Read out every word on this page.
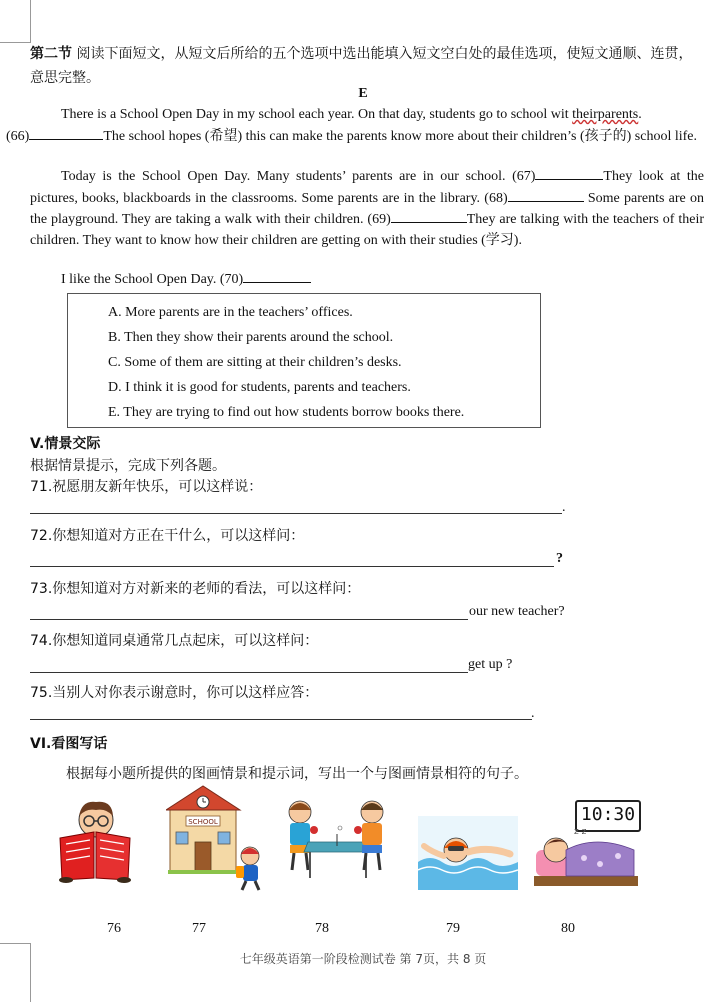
第二节 阅读下面短文，从短文后所给的五个选项中选出能填入短文空白处的最佳选项，使短文通顺、连贯，意思完整。
E
There is a School Open Day in my school each year. On that day, students go to school wit theirparents.
(66)	The school hopes (希望) this can make the parents know more about their children’s (孩子的) school life.
Today is the School Open Day. Many students’ parents are in our school. (67)	They look at the pictures, books, blackboards in the classrooms. Some parents are in the library. (68)	Some parents are on the playground. They are taking a walk with their children. (69)	They are talking with the teachers of their children. They want to know how their children are getting on with their studies (学习).
I like the School Open Day. (70)
A. More parents are in the teachers’ offices.
B. Then they show their parents around the school.
C. Some of them are sitting at their children’s desks.
D. I think it is good for students, parents and teachers.
E. They are trying to find out how students borrow books there.
V.情景交际
根据情景提示，完成下列各题。
71.祝愿朋友新年快乐，可以这样说：
.
72.你想知道对方正在干什么，可以这样问：
?
73.你想知道对方对新来的老师的看法，可以这样问：
our new teacher?
74.你想知道同桌通常几点起床，可以这样问：
get up ?
75.当别人对你表示谢意时，你可以这样应答：
.
VI.看图写话
根据每小题所提供的图画情景和提示词，写出一个与图画情景相符的句子。
SCHOOL	10:30
z z
76	77	78	79	80
七年级英语第一阶段检测试卷 第 7页，共 8 页
